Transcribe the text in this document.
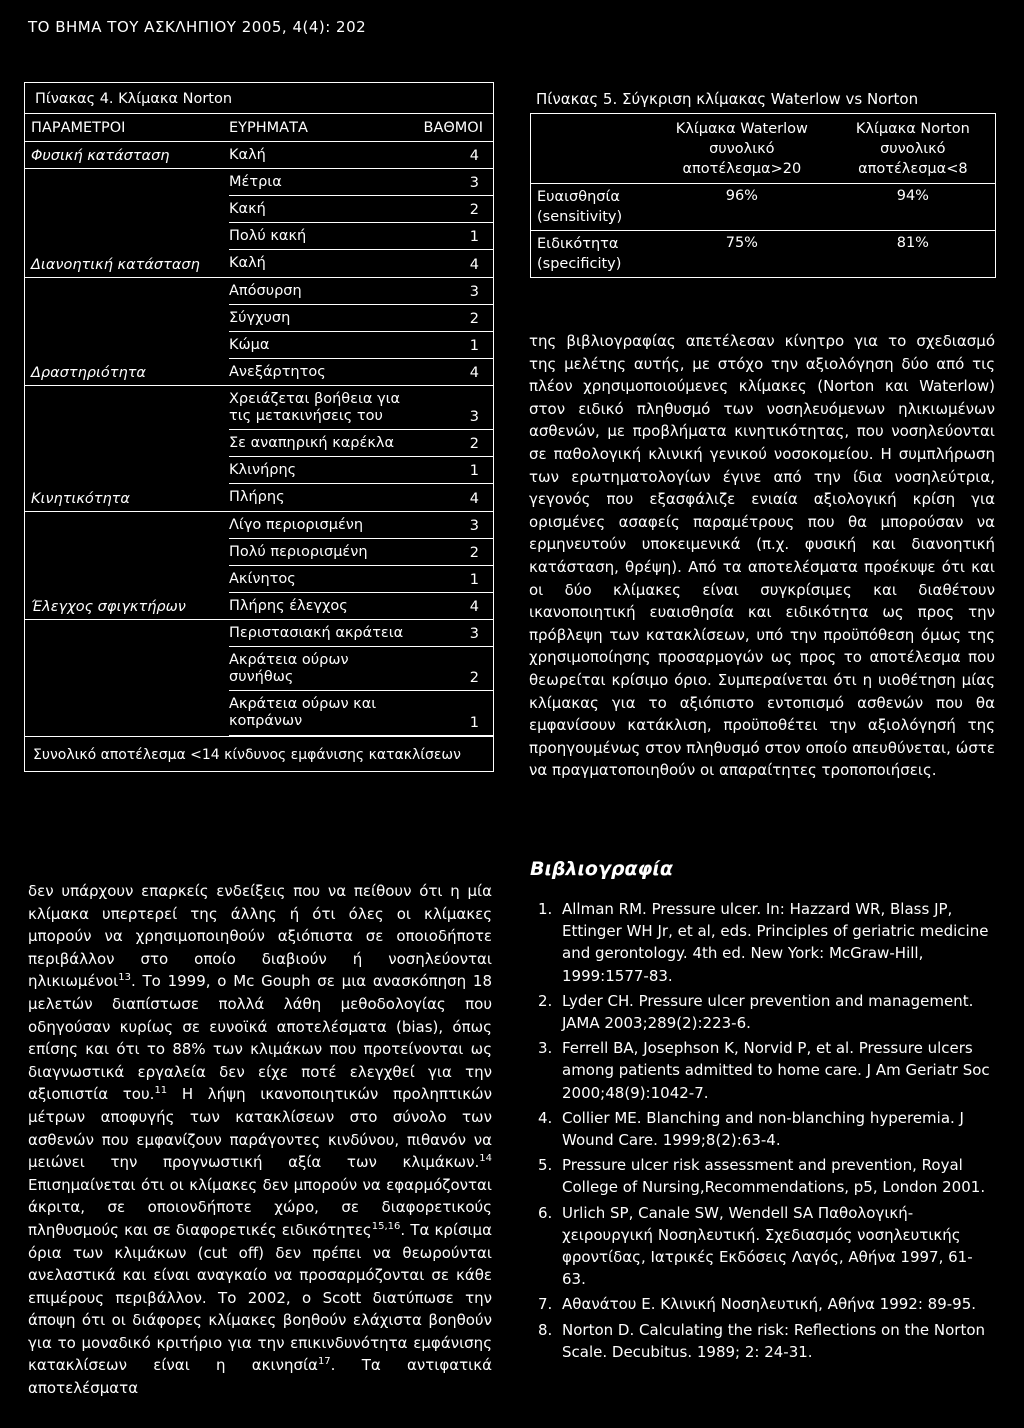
ΤΟ ΒΗΜΑ ΤΟΥ ΑΣΚΛΗΠΙΟΥ 2005, 4(4): 202
Πίνακας 4. Κλίμακα Norton
ΠΑΡΑΜΕΤΡΟΙ	ΕΥΡΗΜΑΤΑ	ΒΑΘΜΟΙ
Φυσική κατάσταση	Καλή	4
	Μέτρια	3
	Κακή	2
	Πολύ κακή	1
Διανοητική κατάσταση	Καλή	4
	Απόσυρση	3
	Σύγχυση	2
	Κώμα	1
Δραστηριότητα	Ανεξάρτητος	4
	Χρειάζεται βοήθεια για τις μετακινήσεις του	3
	Σε αναπηρική καρέκλα	2
	Κλινήρης	1
Κινητικότητα	Πλήρης	4
	Λίγο περιορισμένη	3
	Πολύ περιορισμένη	2
	Ακίνητος	1
Έλεγχος σφιγκτήρων	Πλήρης έλεγχος	4
	Περιστασιακή ακράτεια	3
	Ακράτεια ούρων συνήθως	2
	Ακράτεια ούρων και κοπράνων	1
Συνολικό αποτέλεσμα <14 κίνδυνος εμφάνισης κατακλίσεων
Πίνακας 5. Σύγκριση κλίμακας Waterlow vs Norton
	Κλίμακα Waterlow συνολικό αποτέλεσμα>20	Κλίμακα Norton συνολικό αποτέλεσμα<8
Ευαισθησία (sensitivity)	96%	94%
Ειδικότητα (specificity)	75%	81%

της βιβλιογραφίας απετέλεσαν κίνητρο για το σχεδιασμό της μελέτης αυτής, με στόχο την αξιολόγηση δύο από τις πλέον χρησιμοποιούμενες κλίμακες (Norton και Waterlow) στον ειδικό πληθυσμό των νοσηλευόμενων ηλικιωμένων ασθενών, με προβλήματα κινητικότητας, που νοσηλεύονται σε παθολογική κλινική γενικού νοσοκομείου. Η συμπλήρωση των ερωτηματολογίων έγινε από την ίδια νοσηλεύτρια, γεγονός που εξασφάλιζε ενιαία αξιολογική κρίση για ορισμένες ασαφείς παραμέτρους που θα μπορούσαν να ερμηνευτούν υποκειμενικά (π.χ. φυσική και διανοητική κατάσταση, θρέψη). Από τα αποτελέσματα προέκυψε ότι και οι δύο κλίμακες είναι συγκρίσιμες και διαθέτουν ικανοποιητική ευαισθησία και ειδικότητα ως προς την πρόβλεψη των κατακλίσεων, υπό την προϋπόθεση όμως της χρησιμοποίησης προσαρμογών ως προς το αποτέλεσμα που θεωρείται κρίσιμο όριο. Συμπεραίνεται ότι η υιοθέτηση μίας κλίμακας για το αξιόπιστο εντοπισμό ασθενών που θα εμφανίσουν κατάκλιση, προϋποθέτει την αξιολόγησή της προηγουμένως στον πληθυσμό στον οποίο απευθύνεται, ώστε να πραγματοποιηθούν οι απαραίτητες τροποποιήσεις.

δεν υπάρχουν επαρκείς ενδείξεις που να πείθουν ότι η μία κλίμακα υπερτερεί της άλλης ή ότι όλες οι κλίμακες μπορούν να χρησιμοποιηθούν αξιόπιστα σε οποιοδήποτε περιβάλλον στο οποίο διαβιούν ή νοσηλεύονται ηλικιωμένοι$^{13}$. Το 1999, ο Mc Gouph σε μια ανασκόπηση 18 μελετών διαπίστωσε πολλά λάθη μεθοδολογίας που οδηγούσαν κυρίως σε ευνοϊκά αποτελέσματα (bias), όπως επίσης και ότι το 88% των κλιμάκων που προτείνονται ως διαγνωστικά εργαλεία δεν είχε ποτέ ελεγχθεί για την αξιοπιστία του.$^{11}$ Η λήψη ικανοποιητικών προληπτικών μέτρων αποφυγής των κατακλίσεων στο σύνολο των ασθενών που εμφανίζουν παράγοντες κινδύνου, πιθανόν να μειώνει την προγνωστική αξία των κλιμάκων.$^{14}$ Επισημαίνεται ότι οι κλίμακες δεν μπορούν να εφαρμόζονται άκριτα, σε οποιονδήποτε χώρο, σε διαφορετικούς πληθυσμούς και σε διαφορετικές ειδικότητες$^{15,16}$. Τα κρίσιμα όρια των κλιμάκων (cut off) δεν πρέπει να θεωρούνται ανελαστικά και είναι αναγκαίο να προσαρμόζονται σε κάθε επιμέρους περιβάλλον. Το 2002, ο Scott διατύπωσε την άποψη ότι οι διάφορες κλίμακες βοηθούν ελάχιστα βοηθούν για το μοναδικό κριτήριο για την επικινδυνότητα εμφάνισης κατακλίσεων είναι η ακινησία$^{17}$. Τα αντιφατικά αποτελέσματα

Βιβλιογραφία
1. Allman RM. Pressure ulcer. In: Hazzard WR, Blass JP, Ettinger WH Jr, et al, eds. Principles of geriatric medicine and gerontology. 4th ed. New York: McGraw-Hill, 1999:1577-83.
2. Lyder CH. Pressure ulcer prevention and management. JAMA 2003;289(2):223-6.
3. Ferrell BA, Josephson K, Norvid P, et al. Pressure ulcers among patients admitted to home care. J Am Geriatr Soc 2000;48(9):1042-7.
4. Collier ME. Blanching and non-blanching hyperemia. J Wound Care. 1999;8(2):63-4.
5. Pressure ulcer risk assessment and prevention, Royal College of Nursing,Recommendations, p5, London 2001.
6. Urlich SP, Canale SW, Wendell SA Παθολογική-χειρουργική Νοσηλευτική. Σχεδιασμός νοσηλευτικής φροντίδας, Ιατρικές Εκδόσεις Λαγός, Αθήνα 1997, 61-63.
7. Αθανάτου Ε. Κλινική Νοσηλευτική, Αθήνα 1992: 89-95.
8. Norton D. Calculating the risk: Reflections on the Norton Scale. Decubitus. 1989; 2: 24-31.
